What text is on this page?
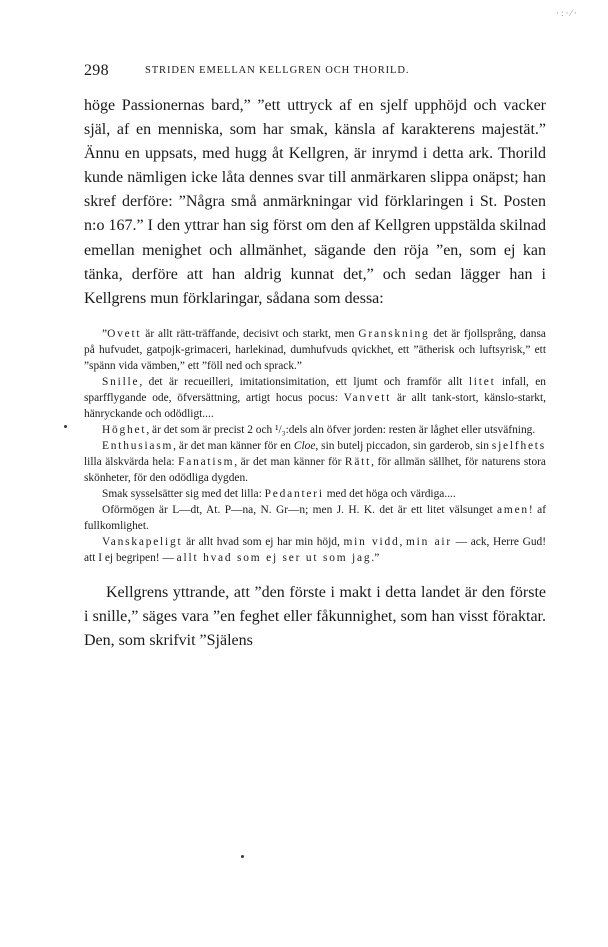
·:·⁄·
298	STRIDEN EMELLAN KELLGREN OCH THORILD.

höge Passionernas bard,” ”ett uttryck af en sjelf upphöjd och vacker själ, af en menniska, som har smak, känsla af karakterens majestät.” Ännu en uppsats, med hugg åt Kellgren, är inrymd i detta ark. Thorild kunde nämligen icke låta dennes svar till anmärkaren slippa onäpst; han skref derföre: ”Några små anmärkningar vid förklaringen i St. Posten n:o 167.” I den yttrar han sig först om den af Kellgren uppstälda skilnad emellan menighet och allmänhet, sägande den röja ”en, som ej kan tänka, derföre att han aldrig kunnat det,” och sedan lägger han i Kellgrens mun förklaringar, sådana som dessa:

”Ovett är allt rätt-träffande, decisivt och starkt, men Granskning det är fjollsprång, dansa på hufvudet, gatpojk-grimaceri, harlekinad, dumhufvuds qvickhet, ett ”ätherisk och luftsyrisk,” ett ”spänn vida vämben,” ett ”föll ned och sprack.”

Snille, det är recueilleri, imitationsimitation, ett ljumt och framför allt litet infall, en sparfflygande ode, öfversättning, artigt hocus pocus: Vanvett är allt tank-stort, känslo-starkt, hänryckande och odödligt....

Höghet, är det som är precist 2 och ¹/₃:dels aln öfver jorden: resten är låghet eller utsväfning.

Enthusiasm, är det man känner för en Cloe, sin butelj piccadon, sin garderob, sin sjelfhets lilla älskvärda hela: Fanatism, är det man känner för Rätt, för allmän sällhet, för naturens stora skönheter, för den odödliga dygden.

Smak sysselsätter sig med det lilla: Pedanteri med det höga och värdiga....

Oförmögen är L—dt, At. P—na, N. Gr—n; men J. H. K. det är ett litet välsunget amen! af fullkomlighet.

Vanskapeligt är allt hvad som ej har min höjd, min vidd, min air — ack, Herre Gud! att I ej begripen! — allt hvad som ej ser ut som jag.”

Kellgrens yttrande, att ”den förste i makt i detta landet är den förste i snille,” säges vara ”en feghet eller fåkunnighet, som han visst föraktar. Den, som skrifvit ”Själens
